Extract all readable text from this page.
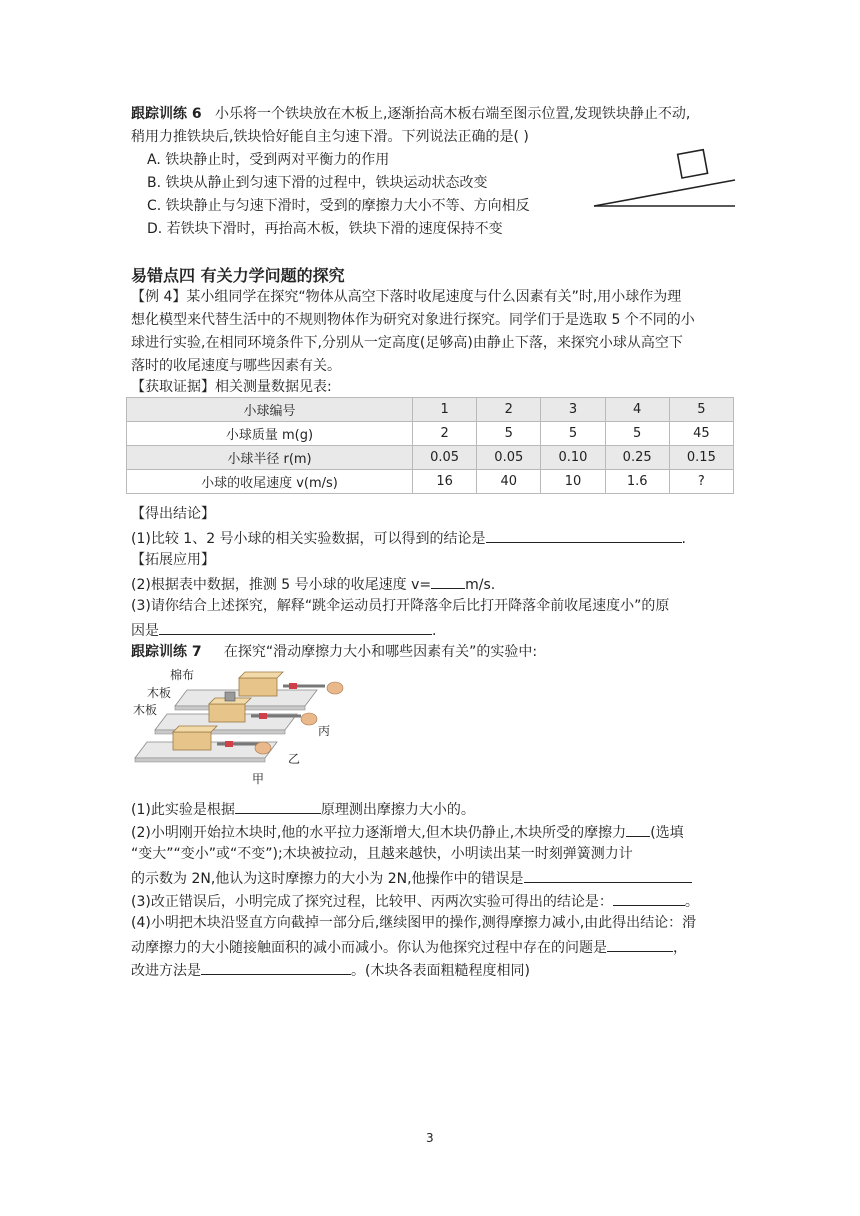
跟踪训练 6 小乐将一个铁块放在木板上,逐渐抬高木板右端至图示位置,发现铁块静止不动,
稍用力推铁块后,铁块恰好能自主匀速下滑。下列说法正确的是( )
A. 铁块静止时，受到两对平衡力的作用
B. 铁块从静止到匀速下滑的过程中，铁块运动状态改变
C. 铁块静止与匀速下滑时，受到的摩擦力大小不等、方向相反
D. 若铁块下滑时，再抬高木板，铁块下滑的速度保持不变
易错点四 有关力学问题的探究
【例 4】某小组同学在探究“物体从高空下落时收尾速度与什么因素有关”时,用小球作为理
想化模型来代替生活中的不规则物体作为研究对象进行探究。同学们于是选取 5 个不同的小
球进行实验,在相同环境条件下,分别从一定高度(足够高)由静止下落，来探究小球从高空下
落时的收尾速度与哪些因素有关。
【获取证据】相关测量数据见表:
小球编号	1	2	3	4	5
小球质量 m(g)	2	5	5	5	45
小球半径 r(m)	0.05	0.05	0.10	0.25	0.15
小球的收尾速度 v(m/s)	16	40	10	1.6	?
【得出结论】
(1)比较 1、2 号小球的相关实验数据，可以得到的结论是	.
【拓展应用】
(2)根据表中数据，推测 5 号小球的收尾速度 v= m/s.
(3)请你结合上述探究，解释“跳伞运动员打开降落伞后比打开降落伞前收尾速度小”的原
因是	.
跟踪训练 7 在探究“滑动摩擦力大小和哪些因素有关”的实验中:
棉布
木板
木板
丙
乙
甲
(1)此实验是根据	原理测出摩擦力大小的。
(2)小明刚开始拉木块时,他的水平拉力逐渐增大,但木块仍静止,木块所受的摩擦力 (选填
“变大”“变小”或“不变”);木块被拉动，且越来越快，小明读出某一时刻弹簧测力计
的示数为 2N,他认为这时摩擦力的大小为 2N,他操作中的错误是
(3)改正错误后，小明完成了探究过程，比较甲、丙两次实验可得出的结论是：	。
(4)小明把木块沿竖直方向截掉一部分后,继续图甲的操作,测得摩擦力减小,由此得出结论：滑
动摩擦力的大小随接触面积的减小而减小。你认为他探究过程中存在的问题是	，
改进方法是	。(木块各表面粗糙程度相同)
3
